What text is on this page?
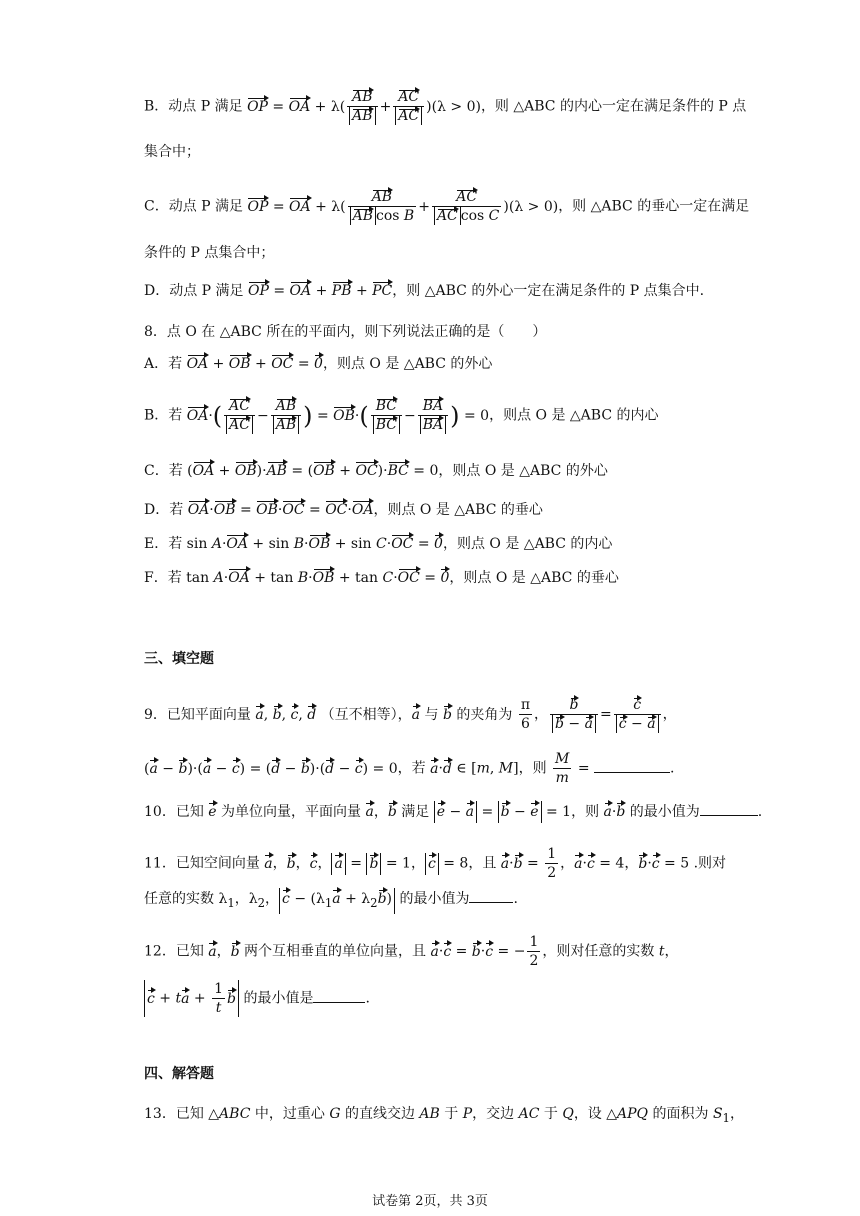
B．动点 P 满足 OP = OA + $\lambda( \frac{AB}{AB} + \frac{AC}{AC} )(\lambda > 0)$，则 △ABC 的内心一定在满足条件的 P 点
集合中；
C．动点 P 满足 OP = OA + $\lambda( \frac{AB}{\text{AB cos B}} + \frac{AC}{\text{AC cos C}} )(\lambda > 0)$，则 △ABC 的垂心一定在满足
条件的 P 点集合中；
D．动点 P 满足 OP = OA + PB + PC，则 △ABC 的外心一定在满足条件的 P 点集合中.
8．点 O 在 △ABC 所在的平面内，则下列说法正确的是（　　）
A．若 OA + OB + OC = 0，则点 O 是 △ABC 的外心
B．若 $OA\cdot( \frac{AC}{AC} - \frac{AB}{AB}$ ) = $OB\cdot( \frac{BC}{BC} - \frac{BA}{BA}$ ) = 0，则点 O 是 △ABC 的内心
C．若 (OA + OB)·AB = (OB + OC)·BC = 0，则点 O 是 △ABC 的外心
D．若 OA·OB = OB·OC = OC·OA，则点 O 是 △ABC 的垂心
E．若 sin A·OA + sin B·OB + sin C·OC = 0，则点 O 是 △ABC 的内心
F．若 tan A·OA + tan B·OB + tan C·OC = 0，则点 O 是 △ABC 的垂心
三、填空题
9．已知平面向量 a, b, c, d （互不相等），a 与 b 的夹角为 $\frac{\pi}{6}$ ， $\frac{b}{b - a} = \frac{c}{c - a}$ ，
(a − b)·(a − c) = (d − b)·(d − c) = 0，若 a·d ∈ [m, M]，则 $\frac{M}{m}$ =	.
10．已知 e 为单位向量，平面向量 a，b 满足 e − a = b − e = 1，则 a·b 的最小值为	.
11．已知空间向量 a，b，c， a = b = 1， c = 8，且 $a\cdot b = \frac{1}{2}$ ，a·c = 4，b·c = 5 .则对
任意的实数 $\lambda_1$，$\lambda_2$， $c - (\lambda_1a + \lambda_2b)$ 的最小值为	.
12．已知 a，b 两个互相垂直的单位向量，且 a·c = b·c = − $\frac{1}{2}$ ，则对任意的实数 t，
c + ta + $\frac{1}{t}$ b 的最小值是	.
四、解答题
13．已知 △ABC 中，过重心 G 的直线交边 AB 于 P，交边 AC 于 Q，设 △APQ 的面积为 $S_1$，
试卷第 2页，共 3页
